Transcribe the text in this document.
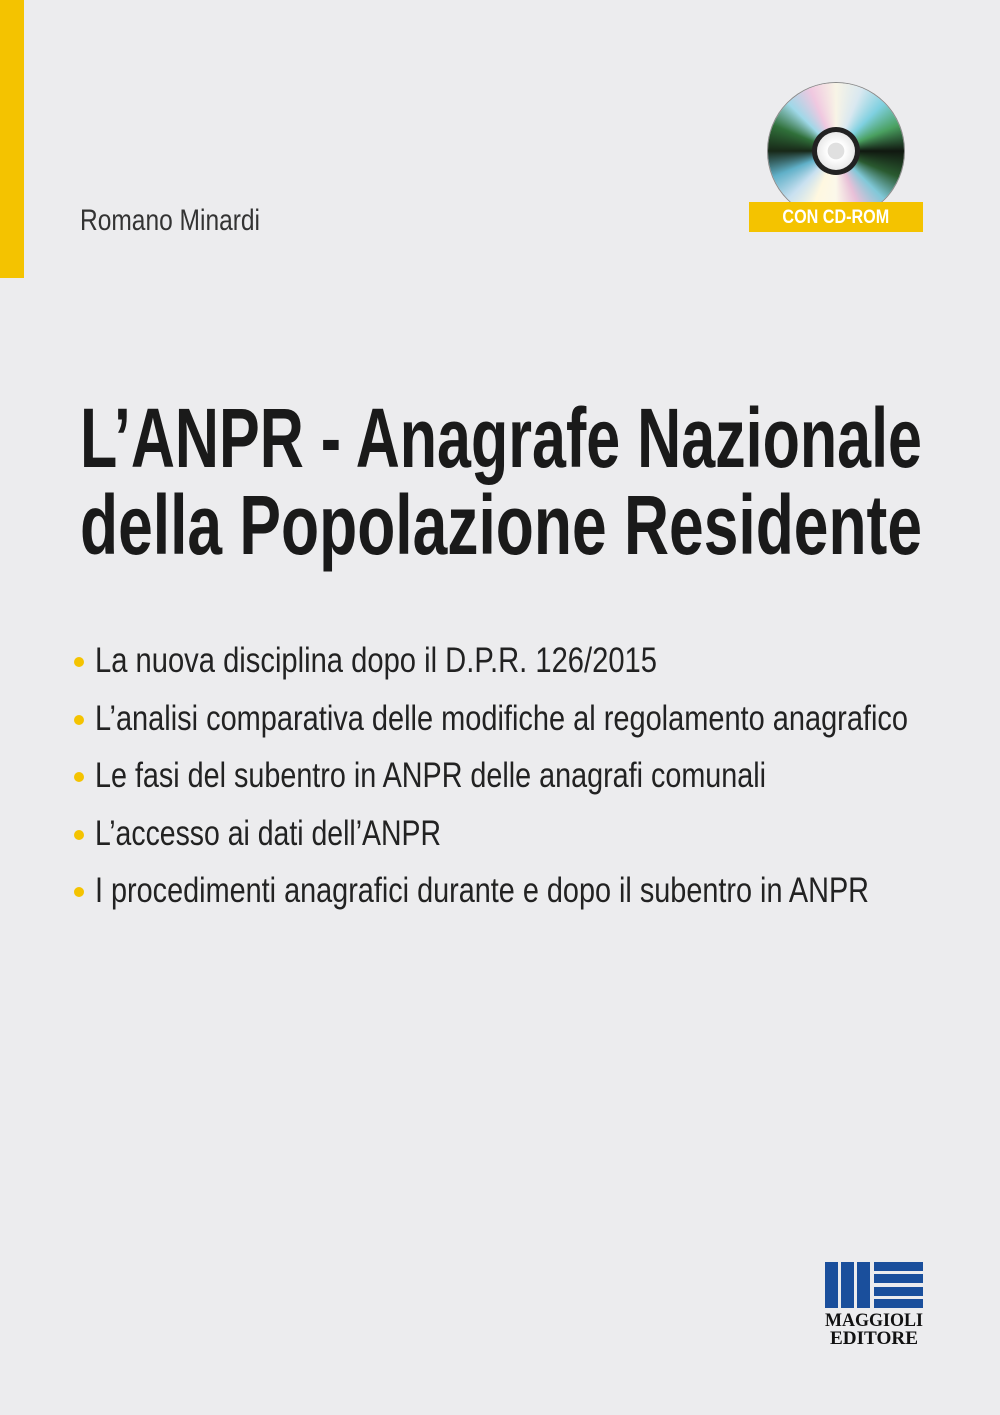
CON CD-ROM
Romano Minardi
L’ANPR - Anagrafe Nazionale
della Popolazione Residente
La nuova disciplina dopo il D.P.R. 126/2015
L’analisi comparativa delle modifiche al regolamento anagrafico
Le fasi del subentro in ANPR delle anagrafi comunali
L’accesso ai dati dell’ANPR
I procedimenti anagrafici durante e dopo il subentro in ANPR
MAGGIOLI
EDITORE
